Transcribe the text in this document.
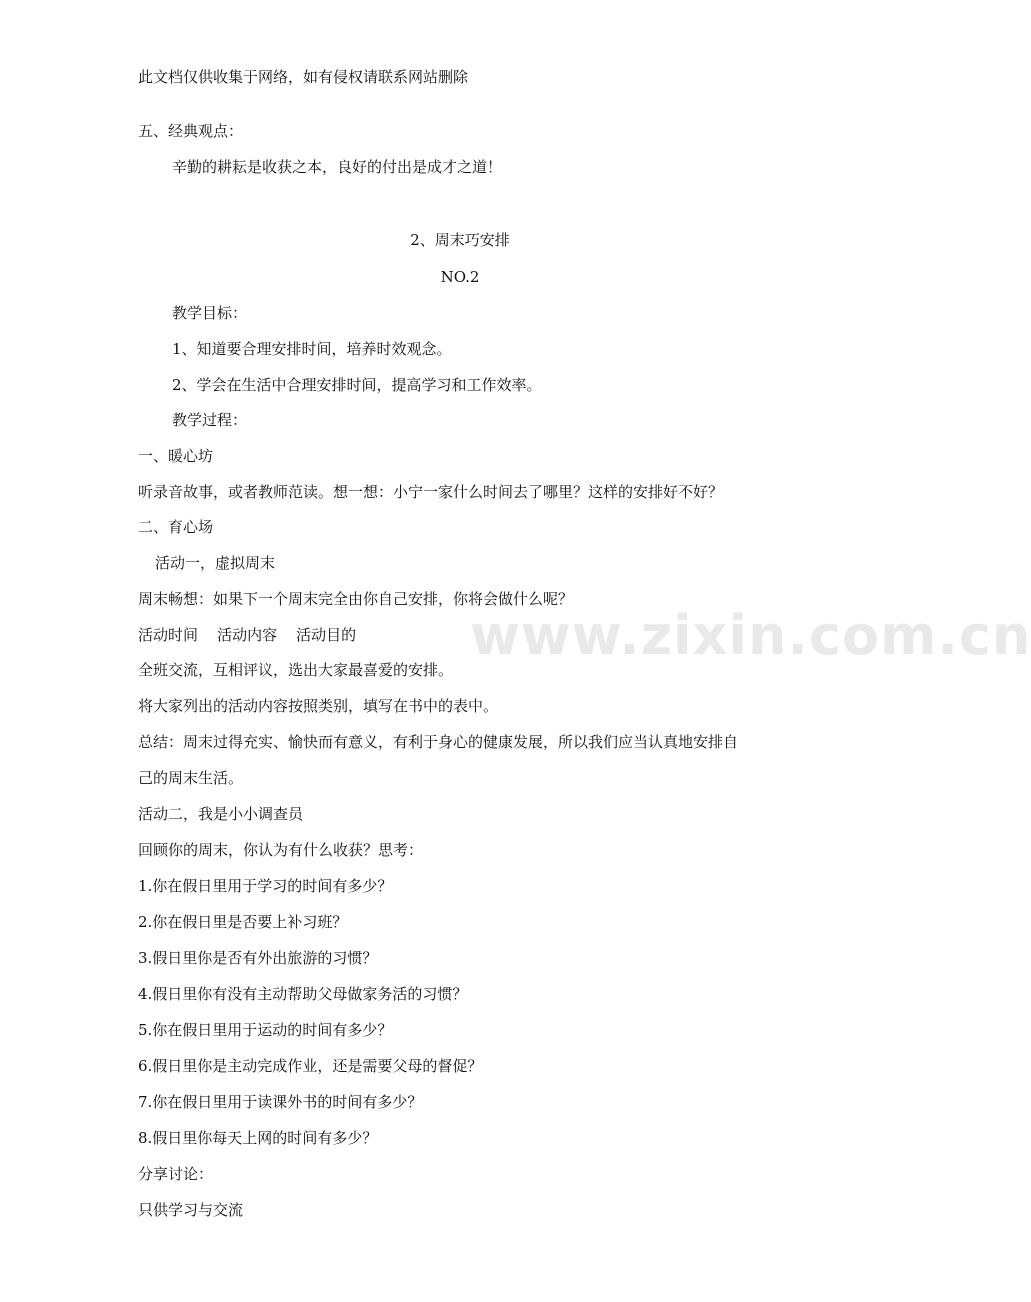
www.zixin.com.cn
此文档仅供收集于网络，如有侵权请联系网站删除
五、经典观点：
辛勤的耕耘是收获之本，良好的付出是成才之道！
2、周末巧安排
NO.2
教学目标：
1、知道要合理安排时间，培养时效观念。
2、学会在生活中合理安排时间，提高学习和工作效率。
教学过程：
一、暖心坊
听录音故事，或者教师范读。想一想：小宁一家什么时间去了哪里？这样的安排好不好？
二、育心场
活动一，虚拟周末
周末畅想：如果下一个周末完全由你自己安排，你将会做什么呢？
活动时间    活动内容    活动目的
全班交流，互相评议，选出大家最喜爱的安排。
将大家列出的活动内容按照类别，填写在书中的表中。
总结：周末过得充实、愉快而有意义，有利于身心的健康发展，所以我们应当认真地安排自
己的周末生活。
活动二，我是小小调查员
回顾你的周末，你认为有什么收获？思考：
1.你在假日里用于学习的时间有多少？
2.你在假日里是否要上补习班？
3.假日里你是否有外出旅游的习惯？
4.假日里你有没有主动帮助父母做家务活的习惯？
5.你在假日里用于运动的时间有多少？
6.假日里你是主动完成作业，还是需要父母的督促？
7.你在假日里用于读课外书的时间有多少？
8.假日里你每天上网的时间有多少？
分享讨论：
只供学习与交流
